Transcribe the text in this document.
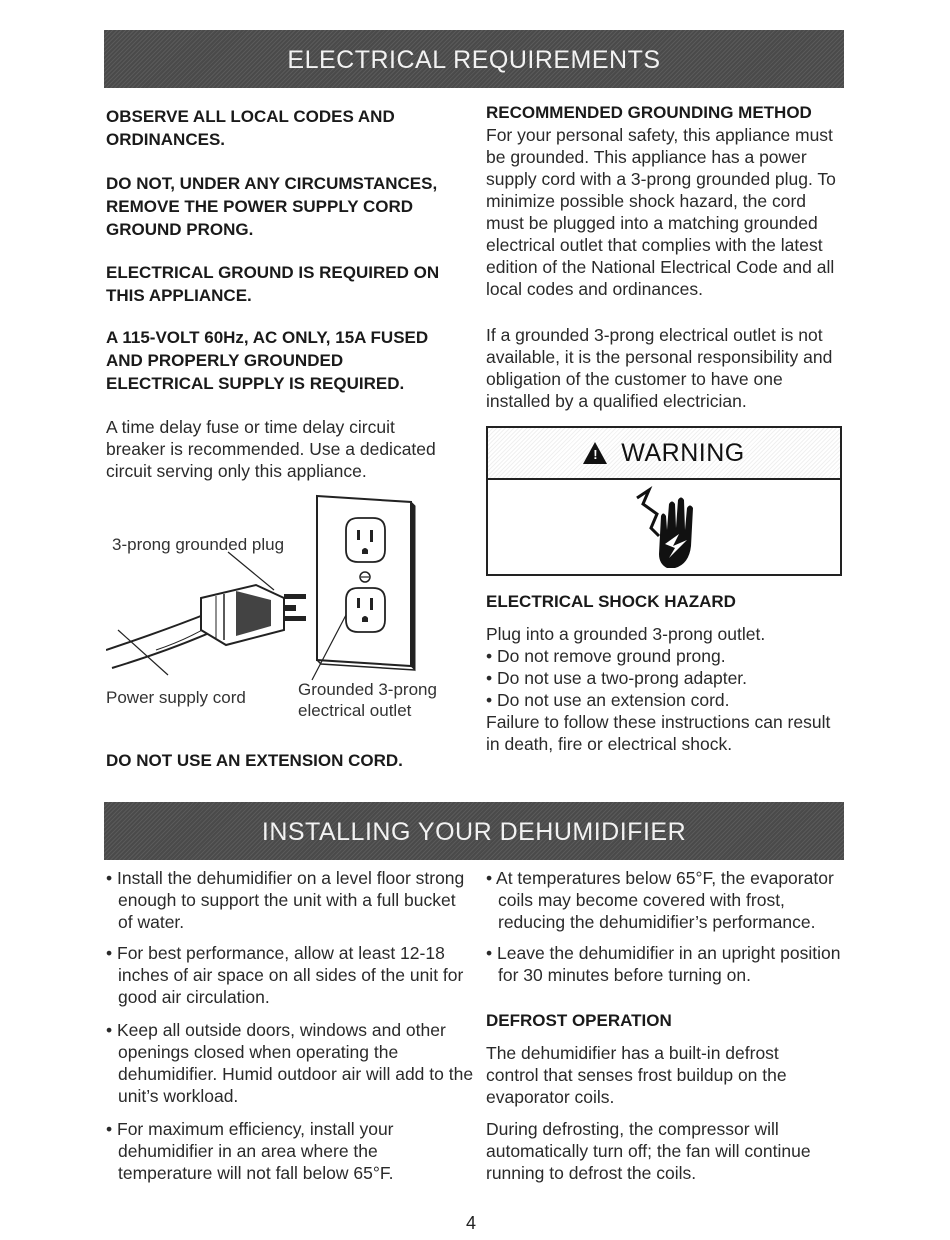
ELECTRICAL REQUIREMENTS

OBSERVE ALL LOCAL CODES AND ORDINANCES.

DO NOT, UNDER ANY CIRCUMSTANCES, REMOVE THE POWER SUPPLY CORD GROUND PRONG.

ELECTRICAL GROUND IS REQUIRED ON THIS APPLIANCE.

A 115-VOLT 60Hz, AC ONLY, 15A FUSED AND PROPERLY GROUNDED ELECTRICAL SUPPLY IS REQUIRED.

A time delay fuse or time delay circuit breaker is recommended. Use a dedicated circuit serving only this appliance.

3-prong grounded plug
Power supply cord	Grounded 3-prong
electrical outlet

DO NOT USE AN EXTENSION CORD.

RECOMMENDED GROUNDING METHOD

For your personal safety, this appliance must be grounded. This appliance has a power supply cord with a 3-prong grounded plug. To minimize possible shock hazard, the cord must be plugged into a matching grounded electrical outlet that complies with the latest edition of the National Electrical Code and all local codes and ordinances.

If a grounded 3-prong electrical outlet is not available, it is the personal responsibility and obligation of the customer to have one installed by a qualified electrician.

! WARNING

ELECTRICAL SHOCK HAZARD

Plug into a grounded 3-prong outlet.

• Do not remove ground prong.
• Do not use a two-prong adapter.
• Do not use an extension cord.

Failure to follow these instructions can result in death, fire or electrical shock.

INSTALLING YOUR DEHUMIDIFIER
• Install the dehumidifier on a level floor strong enough to support the unit with a full bucket of water.
• For best performance, allow at least 12-18 inches of air space on all sides of the unit for good air circulation.
• Keep all outside doors, windows and other openings closed when operating the dehumidifier. Humid outdoor air will add to the unit’s workload.
• For maximum efficiency, install your dehumidifier in an area where the temperature will not fall below 65°F.
• At temperatures below 65°F, the evaporator coils may become covered with frost, reducing the dehumidifier’s performance.
• Leave the dehumidifier in an upright position for 30 minutes before turning on.

DEFROST OPERATION

The dehumidifier has a built-in defrost control that senses frost buildup on the evaporator coils.

During defrosting, the compressor will automatically turn off; the fan will continue running to defrost the coils.

4
